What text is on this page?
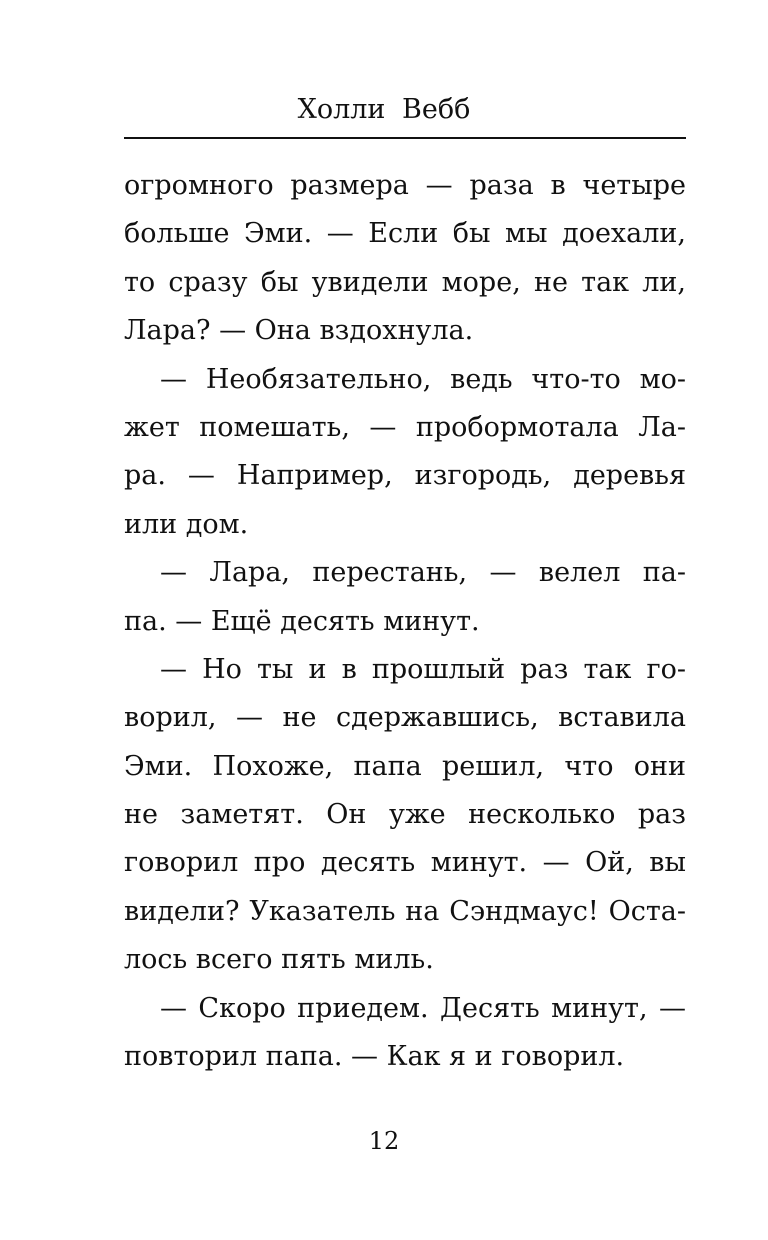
Холли Вебб
огромного размера — раза в четыре
больше Эми. — Если бы мы доехали,
то сразу бы увидели море, не так ли,
Лара? — Она вздохнула.
— Необязательно, ведь что-то мо-
жет помешать, — пробормотала Ла-
ра. — Например, изгородь, деревья
или дом.
— Лара, перестань, — велел па-
па. — Ещё десять минут.
— Но ты и в прошлый раз так го-
ворил, — не сдержавшись, вставила
Эми. Похоже, папа решил, что они
не заметят. Он уже несколько раз
говорил про десять минут. — Ой, вы
видели? Указатель на Сэндмаус! Оста-
лось всего пять миль.
— Скоро приедем. Десять минут, —
повторил папа. — Как я и говорил.
12
